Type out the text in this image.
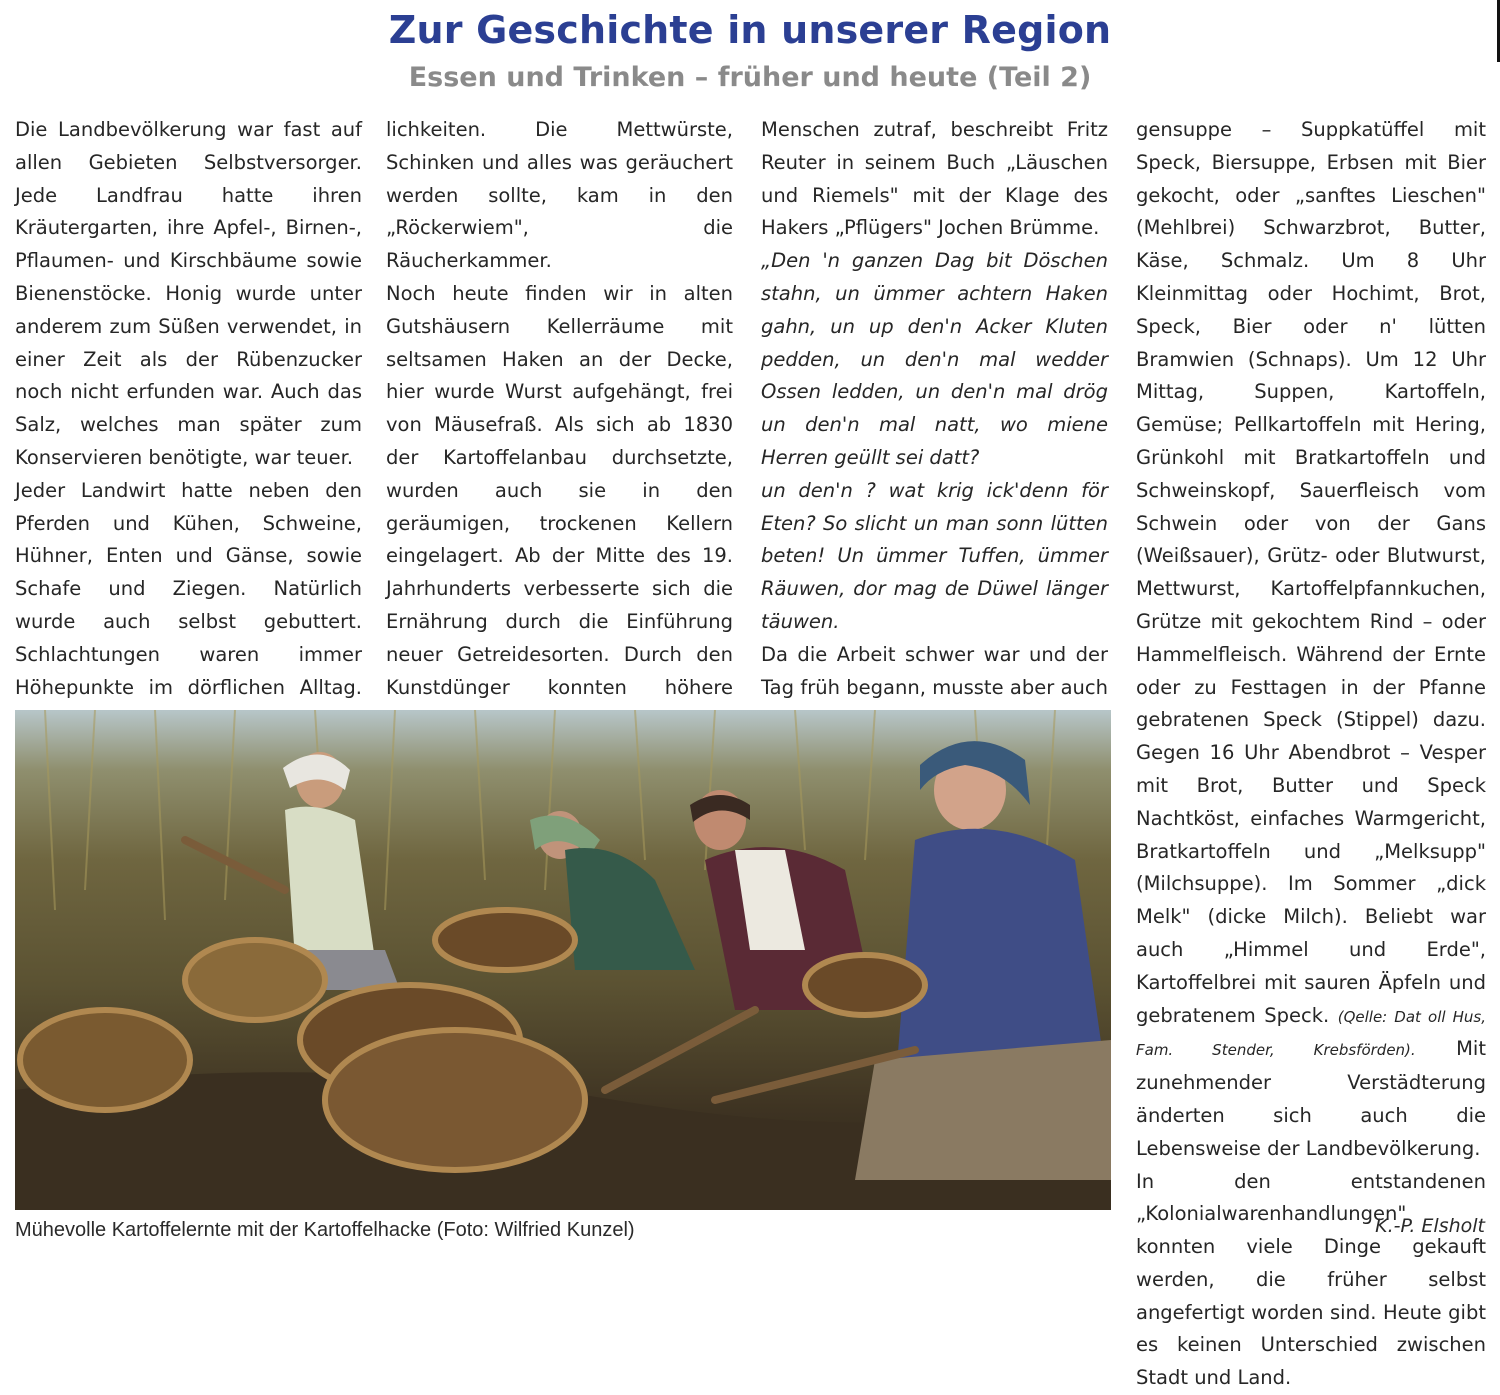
Zur Geschichte in unserer Region
Essen und Trinken – früher und heute (Teil 2)

Die Landbevölkerung war fast auf allen Gebieten Selbstversorger. Jede Landfrau hatte ihren Kräutergarten, ihre Apfel-, Birnen-, Pflaumen- und Kirschbäume sowie Bienenstöcke. Honig wurde unter anderem zum Süßen verwendet, in einer Zeit als der Rübenzucker noch nicht erfunden war. Auch das Salz, welches man später zum Konservieren benötigte, war teuer.

Jeder Landwirt hatte neben den Pferden und Kühen, Schweine, Hühner, Enten und Gänse, sowie Schafe und Ziegen. Natürlich wurde auch selbst gebuttert. Schlachtungen waren immer Höhepunkte im dörflichen Alltag.

lichkeiten. Die Mettwürste, Schinken und alles was geräuchert werden sollte, kam in den „Röckerwiem", die Räucherkammer.

Noch heute finden wir in alten Gutshäusern Kellerräume mit seltsamen Haken an der Decke, hier wurde Wurst aufgehängt, frei von Mäusefraß. Als sich ab 1830 der Kartoffelanbau durchsetzte, wurden auch sie in den geräumigen, trockenen Kellern eingelagert. Ab der Mitte des 19. Jahrhunderts verbesserte sich die Ernährung durch die Einführung neuer Getreidesorten. Durch den Kunstdünger konnten höhere

Menschen zutraf, beschreibt Fritz Reuter in seinem Buch „Läuschen und Riemels" mit der Klage des Hakers „Pflügers" Jochen Brümme.

„Den 'n ganzen Dag bit Döschen stahn, un ümmer achtern Haken gahn, un up den'n Acker Kluten pedden, un den'n mal wedder Ossen ledden, un den'n mal drög un den'n mal natt, wo miene Herren geüllt sei datt?

un den'n ? wat krig ick'denn för Eten? So slicht un man sonn lütten beten! Un ümmer Tuffen, ümmer Räuwen, dor mag de Düwel länger täuwen.

Da die Arbeit schwer war und der Tag früh begann, musste aber auch

gensuppe – Suppkatüffel mit Speck, Biersuppe, Erbsen mit Bier gekocht, oder „sanftes Lieschen" (Mehlbrei) Schwarzbrot, Butter, Käse, Schmalz. Um 8 Uhr Kleinmittag oder Hochimt, Brot, Speck, Bier oder n' lütten Bramwien (Schnaps). Um 12 Uhr Mittag, Suppen, Kartoffeln, Gemüse; Pellkartoffeln mit Hering, Grünkohl mit Bratkartoffeln und Schweinskopf, Sauerfleisch vom Schwein oder von der Gans (Weißsauer), Grütz- oder Blutwurst, Mettwurst, Kartoffelpfannkuchen, Grütze mit gekochtem Rind – oder Hammelfleisch. Während der Ernte oder zu Festtagen in der Pfanne gebratenen Speck (Stippel) dazu. Gegen 16 Uhr Abendbrot – Vesper mit Brot, Butter und Speck Nachtköst, einfaches Warmgericht, Bratkartoffeln und „Melksupp" (Milchsuppe). Im Sommer „dick Melk" (dicke Milch). Beliebt war auch „Himmel und Erde", Kartoffelbrei mit sauren Äpfeln und gebratenem Speck. (Qelle: Dat oll Hus, Fam. Stender, Krebsförden). Mit zunehmender Verstädterung änderten sich auch die Lebensweise der Landbevölkerung.

In den entstandenen „Kolonialwarenhandlungen" konnten viele Dinge gekauft werden, die früher selbst angefertigt worden sind. Heute gibt es keinen Unterschied zwischen Stadt und Land.

Mühevolle Kartoffelernte mit der Kartoffelhacke (Foto: Wilfried Kunzel)	K.-P. Elsholt
